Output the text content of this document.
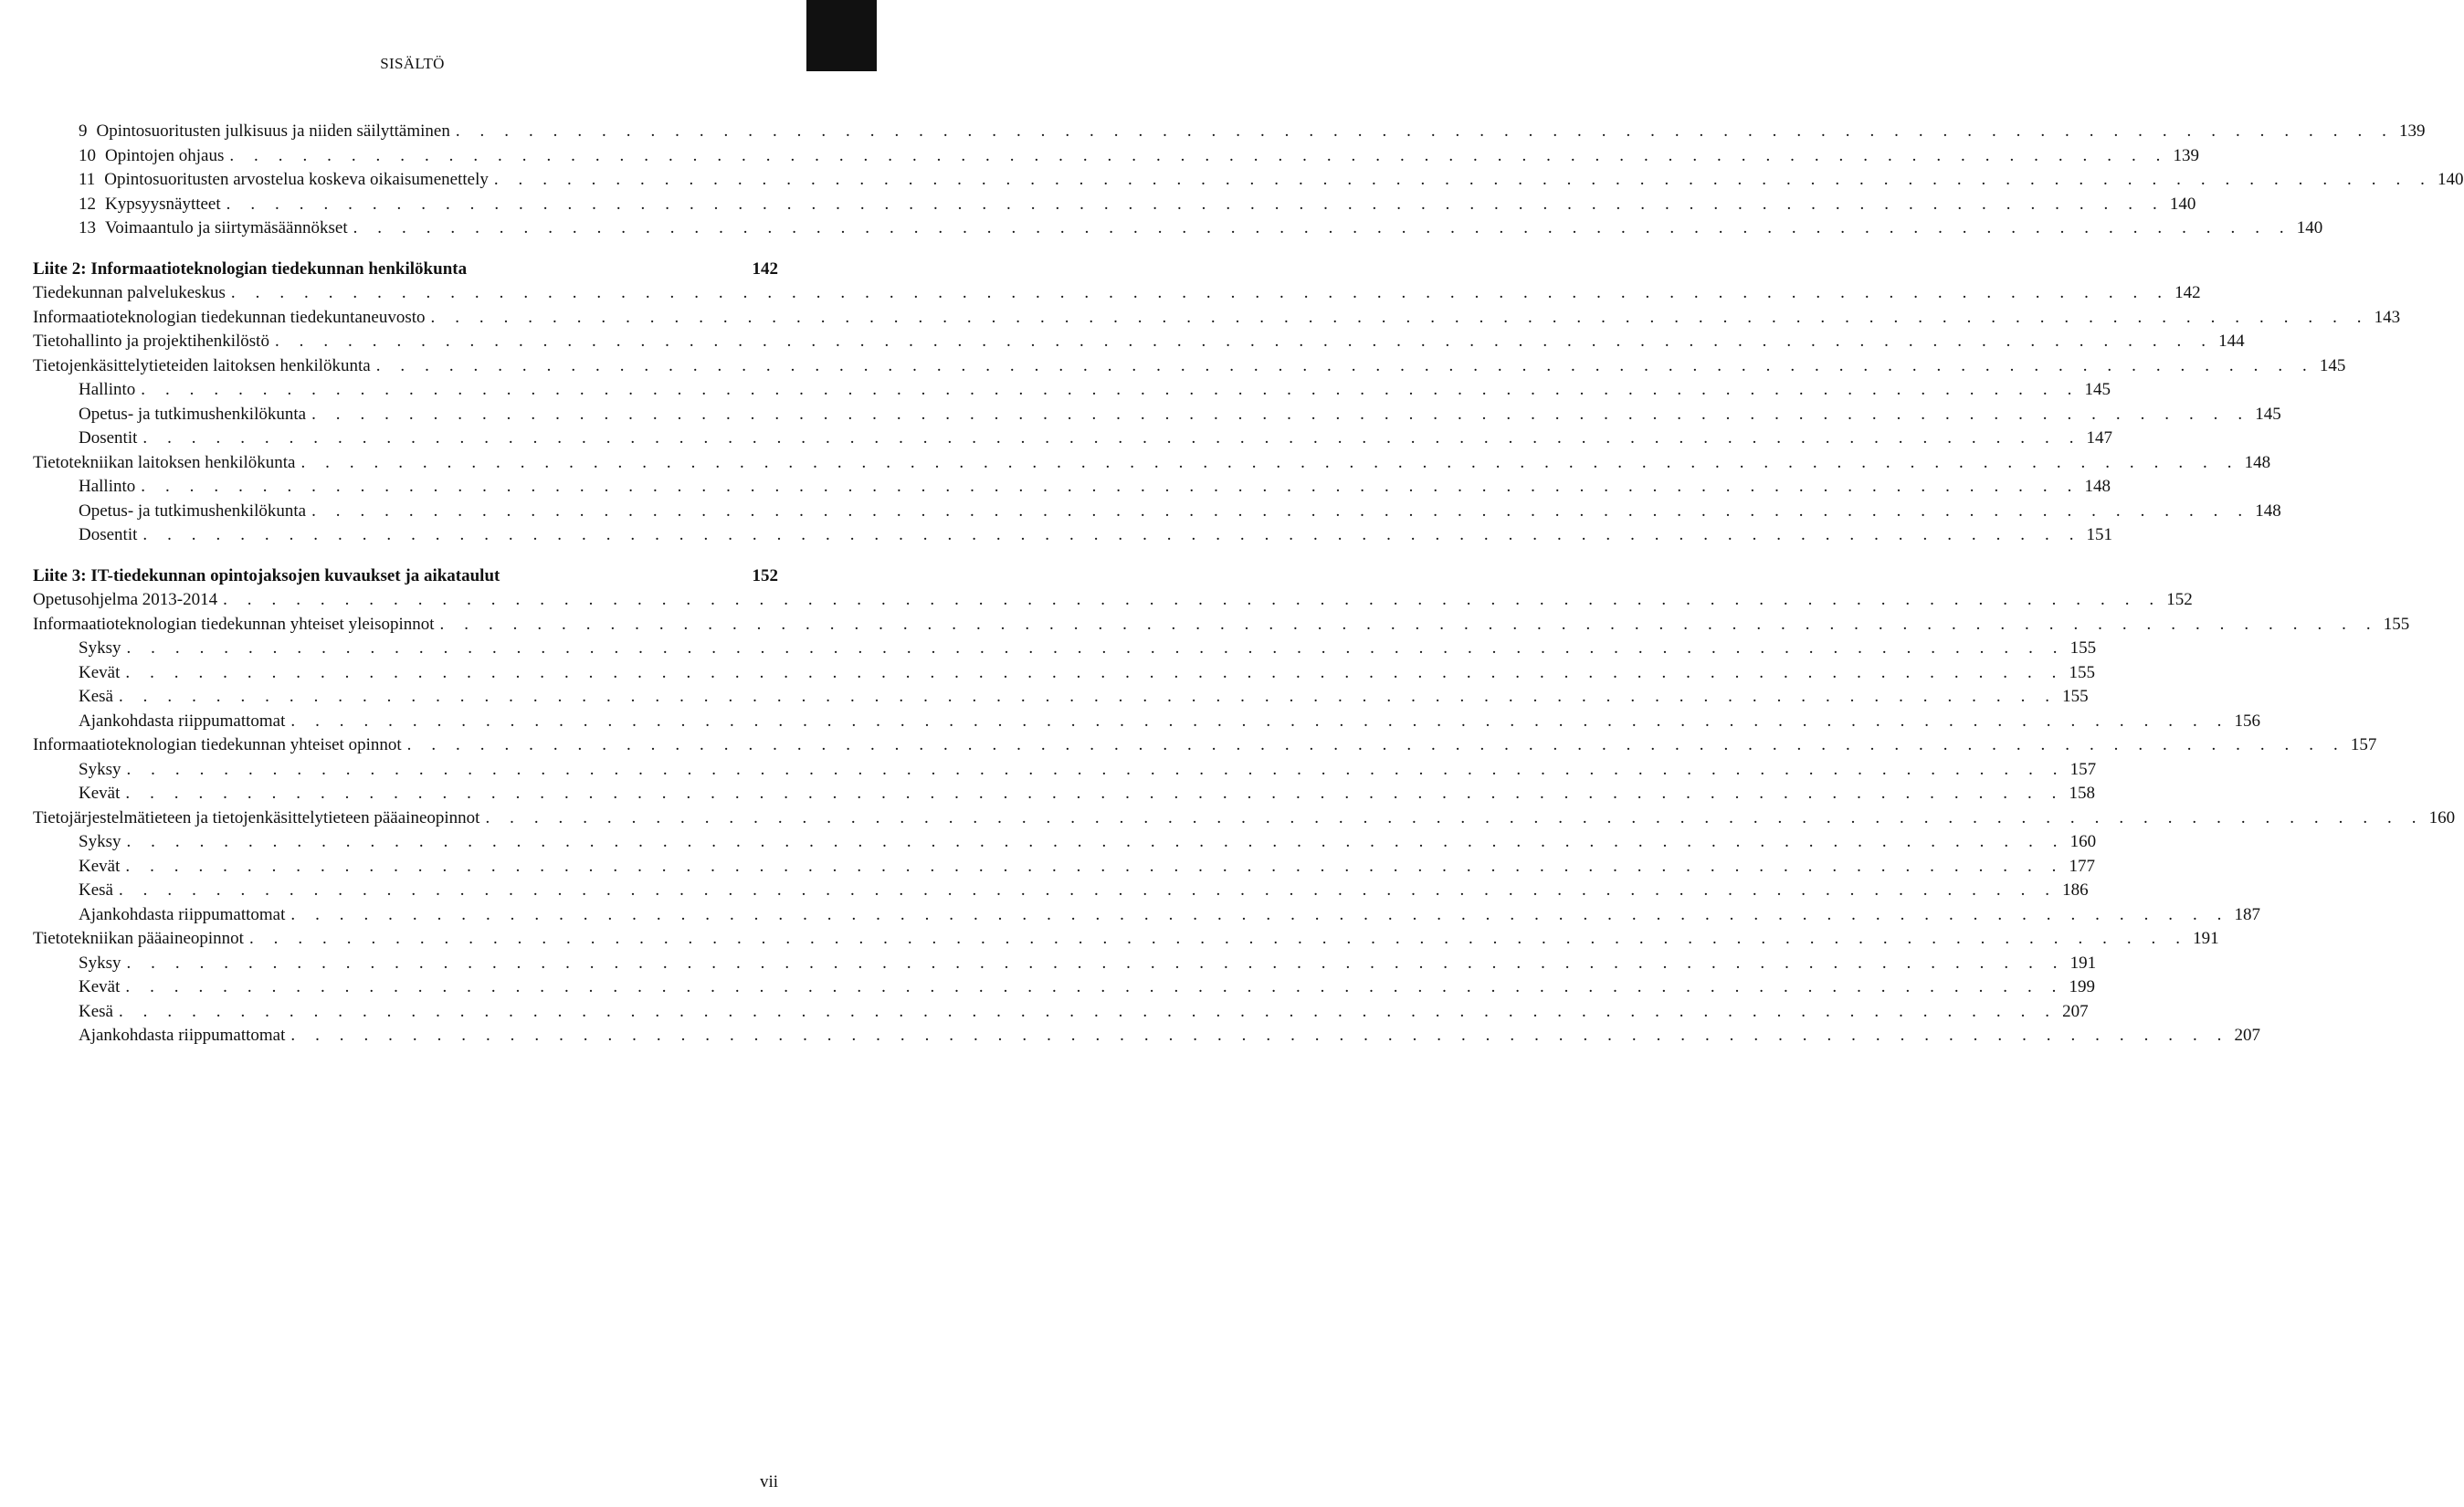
SISÄLTÖ
9 Opintosuoritusten julkisuus ja niiden säilyttäminen . . . . . . . . . . . . . . . . . . . . . . . . . . . . . . . . . . . . . . . . . . . . . . . . . . . . . . . . . . . . . . . . . . . . . . . . . . . . . . . . 139
10 Opintojen ohjaus . . . . . . . . . . . . . . . . . . . . . . . . . . . . . . . . . . . . . . . . . . . . . . . . . . . . . . . . . . . . . . . . . . . . . . . . . . . . . . . . 139
11 Opintosuoritusten arvostelua koskeva oikaisumenettely . . . . . . . . . . . . . . . . . . . . . . . . . . . . . . . . . . . . . . . . . . . . . . . . . . . . . . . . . . . . . . . . . . . . . . . . . . . . . . . . 140
12 Kypsyysnäytteet . . . . . . . . . . . . . . . . . . . . . . . . . . . . . . . . . . . . . . . . . . . . . . . . . . . . . . . . . . . . . . . . . . . . . . . . . . . . . . . . 140
13 Voimaantulo ja siirtymäsäännökset . . . . . . . . . . . . . . . . . . . . . . . . . . . . . . . . . . . . . . . . . . . . . . . . . . . . . . . . . . . . . . . . . . . . . . . . . . . . . . . . 140
Liite 2: Informaatioteknologian tiedekunnan henkilökunta	142
Tiedekunnan palvelukeskus . . . . . . . . . . . . . . . . . . . . . . . . . . . . . . . . . . . . . . . . . . . . . . . . . . . . . . . . . . . . . . . . . . . . . . . . . . . . . . . . 142
Informaatioteknologian tiedekunnan tiedekuntaneuvosto . . . . . . . . . . . . . . . . . . . . . . . . . . . . . . . . . . . . . . . . . . . . . . . . . . . . . . . . . . . . . . . . . . . . . . . . . . . . . . . . 143
Tietohallinto ja projektihenkilöstö . . . . . . . . . . . . . . . . . . . . . . . . . . . . . . . . . . . . . . . . . . . . . . . . . . . . . . . . . . . . . . . . . . . . . . . . . . . . . . . . 144
Tietojenkäsittelytieteiden laitoksen henkilökunta . . . . . . . . . . . . . . . . . . . . . . . . . . . . . . . . . . . . . . . . . . . . . . . . . . . . . . . . . . . . . . . . . . . . . . . . . . . . . . . . 145
Hallinto . . . . . . . . . . . . . . . . . . . . . . . . . . . . . . . . . . . . . . . . . . . . . . . . . . . . . . . . . . . . . . . . . . . . . . . . . . . . . . . . 145
Opetus- ja tutkimushenkilökunta . . . . . . . . . . . . . . . . . . . . . . . . . . . . . . . . . . . . . . . . . . . . . . . . . . . . . . . . . . . . . . . . . . . . . . . . . . . . . . . . 145
Dosentit . . . . . . . . . . . . . . . . . . . . . . . . . . . . . . . . . . . . . . . . . . . . . . . . . . . . . . . . . . . . . . . . . . . . . . . . . . . . . . . . 147
Tietotekniikan laitoksen henkilökunta . . . . . . . . . . . . . . . . . . . . . . . . . . . . . . . . . . . . . . . . . . . . . . . . . . . . . . . . . . . . . . . . . . . . . . . . . . . . . . . . 148
Hallinto . . . . . . . . . . . . . . . . . . . . . . . . . . . . . . . . . . . . . . . . . . . . . . . . . . . . . . . . . . . . . . . . . . . . . . . . . . . . . . . . 148
Opetus- ja tutkimushenkilökunta . . . . . . . . . . . . . . . . . . . . . . . . . . . . . . . . . . . . . . . . . . . . . . . . . . . . . . . . . . . . . . . . . . . . . . . . . . . . . . . . 148
Dosentit . . . . . . . . . . . . . . . . . . . . . . . . . . . . . . . . . . . . . . . . . . . . . . . . . . . . . . . . . . . . . . . . . . . . . . . . . . . . . . . . 151
Liite 3: IT-tiedekunnan opintojaksojen kuvaukset ja aikataulut	152
Opetusohjelma 2013-2014 . . . . . . . . . . . . . . . . . . . . . . . . . . . . . . . . . . . . . . . . . . . . . . . . . . . . . . . . . . . . . . . . . . . . . . . . . . . . . . . . 152
Informaatioteknologian tiedekunnan yhteiset yleisopinnot . . . . . . . . . . . . . . . . . . . . . . . . . . . . . . . . . . . . . . . . . . . . . . . . . . . . . . . . . . . . . . . . . . . . . . . . . . . . . . . . 155
Syksy . . . . . . . . . . . . . . . . . . . . . . . . . . . . . . . . . . . . . . . . . . . . . . . . . . . . . . . . . . . . . . . . . . . . . . . . . . . . . . . . 155
Kevät . . . . . . . . . . . . . . . . . . . . . . . . . . . . . . . . . . . . . . . . . . . . . . . . . . . . . . . . . . . . . . . . . . . . . . . . . . . . . . . . 155
Kesä . . . . . . . . . . . . . . . . . . . . . . . . . . . . . . . . . . . . . . . . . . . . . . . . . . . . . . . . . . . . . . . . . . . . . . . . . . . . . . . . 155
Ajankohdasta riippumattomat . . . . . . . . . . . . . . . . . . . . . . . . . . . . . . . . . . . . . . . . . . . . . . . . . . . . . . . . . . . . . . . . . . . . . . . . . . . . . . . . 156
Informaatioteknologian tiedekunnan yhteiset opinnot . . . . . . . . . . . . . . . . . . . . . . . . . . . . . . . . . . . . . . . . . . . . . . . . . . . . . . . . . . . . . . . . . . . . . . . . . . . . . . . . 157
Syksy . . . . . . . . . . . . . . . . . . . . . . . . . . . . . . . . . . . . . . . . . . . . . . . . . . . . . . . . . . . . . . . . . . . . . . . . . . . . . . . . 157
Kevät . . . . . . . . . . . . . . . . . . . . . . . . . . . . . . . . . . . . . . . . . . . . . . . . . . . . . . . . . . . . . . . . . . . . . . . . . . . . . . . . 158
Tietojärjestelmätieteen ja tietojenkäsittelytieteen pääaineopinnot . . . . . . . . . . . . . . . . . . . . . . . . . . . . . . . . . . . . . . . . . . . . . . . . . . . . . . . . . . . . . . . . . . . . . . . . . . . . . . . . 160
Syksy . . . . . . . . . . . . . . . . . . . . . . . . . . . . . . . . . . . . . . . . . . . . . . . . . . . . . . . . . . . . . . . . . . . . . . . . . . . . . . . . 160
Kevät . . . . . . . . . . . . . . . . . . . . . . . . . . . . . . . . . . . . . . . . . . . . . . . . . . . . . . . . . . . . . . . . . . . . . . . . . . . . . . . . 177
Kesä . . . . . . . . . . . . . . . . . . . . . . . . . . . . . . . . . . . . . . . . . . . . . . . . . . . . . . . . . . . . . . . . . . . . . . . . . . . . . . . . 186
Ajankohdasta riippumattomat . . . . . . . . . . . . . . . . . . . . . . . . . . . . . . . . . . . . . . . . . . . . . . . . . . . . . . . . . . . . . . . . . . . . . . . . . . . . . . . . 187
Tietotekniikan pääaineopinnot . . . . . . . . . . . . . . . . . . . . . . . . . . . . . . . . . . . . . . . . . . . . . . . . . . . . . . . . . . . . . . . . . . . . . . . . . . . . . . . . 191
Syksy . . . . . . . . . . . . . . . . . . . . . . . . . . . . . . . . . . . . . . . . . . . . . . . . . . . . . . . . . . . . . . . . . . . . . . . . . . . . . . . . 191
Kevät . . . . . . . . . . . . . . . . . . . . . . . . . . . . . . . . . . . . . . . . . . . . . . . . . . . . . . . . . . . . . . . . . . . . . . . . . . . . . . . . 199
Kesä . . . . . . . . . . . . . . . . . . . . . . . . . . . . . . . . . . . . . . . . . . . . . . . . . . . . . . . . . . . . . . . . . . . . . . . . . . . . . . . . 207
Ajankohdasta riippumattomat . . . . . . . . . . . . . . . . . . . . . . . . . . . . . . . . . . . . . . . . . . . . . . . . . . . . . . . . . . . . . . . . . . . . . . . . . . . . . . . . 207
vii
